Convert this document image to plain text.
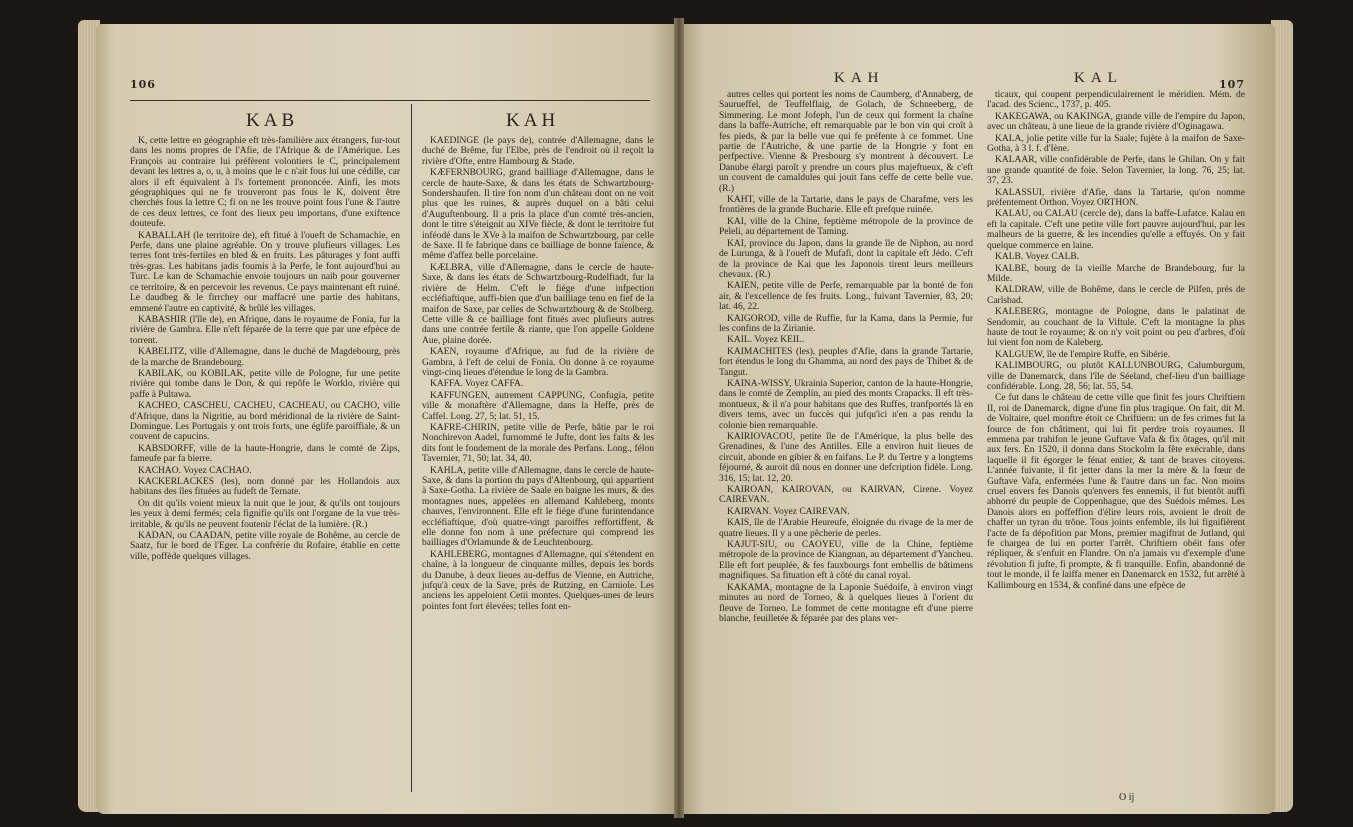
106
KAB	KAH

K, cette lettre en géographie eft très-familière aux étrangers, fur-tout dans les noms propres de l'Afie, de l'Afrique & de l'Amérique. Les François au contraire lui préfèrent volontiers le C, principalement devant les lettres a, o, u, à moins que le c n'ait fous lui une cédille, car alors il eft équivalent à l's fortement prononcée. Ainfi, les mots géographiques qui ne fe trouveront pas fous le K, doivent être cherchés fous la lettre C; fi on ne les trouve point fous l'une & l'autre de ces deux lettres, ce font des lieux peu importans, d'une exiftence douteufe.

KABALLAH (le territoire de), eft fitué à l'oueft de Schamachie, en Perfe, dans une plaine agréable. On y trouve plufieurs villages. Les terres font très-fertiles en bled & en fruits. Les pâturages y font auffi très-gras. Les habitans jadis foumis à la Perfe, le font aujourd'hui au Turc. Le kan de Schamachie envoie toujours un naib pour gouverner ce territoire, & en percevoir les revenus. Ce pays maintenant eft ruiné. Le daudbeg & le firrchey our maffacré une partie des habitans, emmené l'autre en captivité, & brûlé les villages.

KABASHIR (l'île de), en Afrique, dans le royaume de Fonia, fur la rivière de Gambra. Elle n'eft féparée de la terre que par une efpèce de torrent.

KABELITZ, ville d'Allemagne, dans le duché de Magdebourg, près de la marche de Brandebourg.

KABILAK, ou KOBILAK, petite ville de Pologne, fur une petite rivière qui tombe dans le Don, & qui repôfe le Worklo, rivière qui paffe à Pultawa.

KACHEO, CASCHEU, CACHEU, CACHEAU, ou CACHO, ville d'Afrique, dans la Nigritie, au bord méridional de la rivière de Saint-Domingue. Les Portugais y ont trois forts, une églife paroiffiale, & un couvent de capucins.

KABSDORFF, ville de la haute-Hongrie, dans le comté de Zips, fameufe par fa bierre.

KACHAO. Voyez CACHAO.

KACKERLACKES (les), nom donné par les Hollandois aux habitans des îles fituées au fudeft de Ternate.

On dit qu'ils voient mieux la nuit que le jour, & qu'ils ont toujours les yeux à demi fermés; cela fignifie qu'ils ont l'organe de la vue très-irritable, & qu'ils ne peuvent foutenir l'éclat de la lumière. (R.)

KADAN, ou CAADAN, petite ville royale de Bohême, au cercle de Saatz, fur le bord de l'Eger. La confrérie du Rofaire, établie en cette ville, poffède quelques villages.

KAEDINGE (le pays de), contrée d'Allemagne, dans le duché de Brême, fur l'Elbe, près de l'endroit où il reçoit la rivière d'Ofte, entre Hambourg & Stade.

KÆFERNBOURG, grand bailliage d'Allemagne, dans le cercle de haute-Saxe, & dans les états de Schwartzbourg-Sondershaufen. Il tire fon nom d'un château dont on ne voit plus que les ruines, & auprès duquel on a bâti celui d'Auguftenbourg. Il a pris la place d'un comté très-ancien, dont le titre s'éteignit au XIVe fiècle, & dont le territoire fut inféodé dans le XVe à la maifon de Schwartzbourg, par celle de Saxe. Il fe fabrique dans ce bailliage de bonne faïence, & même d'affez belle porcelaine.

KÆLBRA, ville d'Allemagne, dans le cercle de haute-Saxe, & dans les états de Schwartzbourg-Rudelftadt, fur la rivière de Helm. C'eft le fiége d'une infpection eccléfiaftique, auffi-bien que d'un bailliage tenu en fief de la maifon de Saxe, par celles de Schwartzbourg & de Stolberg. Cette ville & ce bailliage font fitués avec plufieurs autres dans une contrée fertile & riante, que l'on appelle Goldene Aue, plaine dorée.

KAEN, royaume d'Afrique, au fud de la rivière de Gambra, à l'eft de celui de Fonia. On donne à ce royaume vingt-cinq lieues d'étendue le long de la Gambra.

KAFFA. Voyez CAFFA.

KAFFUNGEN, autrement CAPPUNG, Confugia, petite ville & monaftère d'Allemagne, dans la Heffe, près de Caffel. Long. 27, 5; lat. 51, 15.

KAFRE-CHIRIN, petite ville de Perfe, bâtie par le roi Nonchirevon Aadel, furnommé le Jufte, dont les faits & les dits font le fondement de la morale des Perfans. Long., félon Tavernier, 71, 50; lat. 34, 40.

KAHLA, petite ville d'Allemagne, dans le cercle de haute-Saxe, & dans la portion du pays d'Altenbourg, qui appartient à Saxe-Gotha. La rivière de Saale en baigne les murs, & des montagnes nues, appelées en allemand Kahleberg, monts chauves, l'environnent. Elle eft le fiége d'une furintendance eccléfiaftique, d'où quatre-vingt paroiffes reffortiffent, & elle donne fon nom à une préfecture qui comprend les bailliages d'Orlamunde & de Leuchtenbourg.

KAHLEBERG, montagnes d'Allemagne, qui s'étendent en chaîne, à la longueur de cinquante milles, depuis les bords du Danube, à deux lieues au-deffus de Vienne, en Autriche, jufqu'à ceux de la Save, près de Rutzing, en Carniole. Les anciens les appeloient Cetii montes. Quelques-unes de leurs pointes font fort élevées; telles font en-

KAH	KAL	107

autres celles qui portent les noms de Caumberg, d'Annaberg, de Saurueffel, de Teuffelflaig, de Golach, de Schneeberg, de Simmering. Le mont Jofeph, l'un de ceux qui forment la chaîne dans la baffe-Autriche, eft remarquable par le bon vin qui croît à fes pieds, & par la belle vue qui fe préfente à ce fommet. Une partie de l'Autriche, & une partie de la Hongrie y font en perfpective. Vienne & Presbourg s'y montrent à découvert. Le Danube élargi paroît y prendre un cours plus majeftueux, & c'eft un couvent de camaldules qui jouit fans ceffe de cette belle vue. (R.)

KAHT, ville de la Tartarie, dans le pays de Charafme, vers les frontières de la grande Bucharie. Elle eft prefque ruinée.

KAI, ville de la Chine, feptième métropole de la province de Peleli, au département de Taming.

KAI, province du Japon, dans la grande île de Niphon, au nord de Lurunga, & à l'oueft de Mufafi, dont la capitale eft Jédo. C'eft de la province de Kai que les Japonois tirent leurs meilleurs chevaux. (R.)

KAIEN, petite ville de Perfe, remarquable par la bonté de fon air, & l'excellence de fes fruits. Long., fuivant Tavernier, 83, 20; lat. 46, 22.

KAIGOROD, ville de Ruffie, fur la Kama, dans la Permie, fur les confins de la Zirianie.

KAIL. Voyez KEIL.

KAIMACHITES (les), peuples d'Afie, dans la grande Tartarie, fort étendus le long du Ghamma, au nord des pays de Thibet & de Tangut.

KAINA-WISSY, Ukrainia Superior, canton de la haute-Hongrie, dans le comté de Zemplin, au pied des monts Crapacks. Il eft très-montueux, & il n'a pour habitans que des Ruffes, tranfportés là en divers tems, avec un fuccès qui jufqu'ici n'en a pas rendu la colonie bien remarquable.

KAIRIOVACOU, petite île de l'Amérique, la plus belle des Grenadines, & l'une des Antilles. Elle a environ huit lieues de circuit, abonde en gibier & en faifans. Le P. du Tertre y a longtems féjourné, & auroit dû nous en donner une defcription fidèle. Long. 316, 15; lat. 12, 20.

KAIROAN, KAIROVAN, ou KAIRVAN, Cirene. Voyez CAIREVAN.

KAIRVAN. Voyez CAIREVAN.

KAIS, île de l'Arabie Heureufe, éloignée du rivage de la mer de quatre lieues. Il y a une pêcherie de perles.

KAJUT-SIU, ou CAOYEU, ville de la Chine, feptième métropole de la province de Kiangnan, au département d'Yancheu. Elle eft fort peuplée, & fes fauxbourgs font embellis de bâtimens magnifiques. Sa fituation eft à côté du canal royal.

KAKAMA, montagne de la Laponie Suédoife, à environ vingt minutes au nord de Torneo, & à quelques lieues à l'orient du fleuve de Torneo. Le fommet de cette montagne eft d'une pierre blanche, feuilletée & féparée par des plans ver-

ticaux, qui coupent perpendiculairement le méridien. Mém. de l'acad. des Scienc., 1737, p. 405.

KAKEGAWA, ou KAKINGA, grande ville de l'empire du Japon, avec un château, à une lieue de la grande rivière d'Oginagawa.

KALA, jolie petite ville fur la Saale; fujète à la maifon de Saxe-Gotha, à 3 l. f. d'Iène.

KALAAR, ville confidérable de Perfe, dans le Ghilan. On y fait une grande quantité de foie. Selon Tavernier, la long. 76, 25; lat. 37, 23.

KALASSUI, rivière d'Afie, dans la Tartarie, qu'on nomme préfentement Orthon. Voyez ORTHON.

KALAU, ou CALAU (cercle de), dans la baffe-Lufatce. Kalau en eft la capitale. C'eft une petite ville fort pauvre aujourd'hui, par les malheurs de la guerre, & les incendies qu'elle a effuyés. On y fait quelque commerce en laine.

KALB. Voyez CALB.

KALBE, bourg de la vieille Marche de Brandebourg, fur la Milde.

KALDRAW, ville de Bohême, dans le cercle de Pilfen, près de Carlsbad.

KALEBERG, montagne de Pologne, dans le palatinat de Sendomir, au couchant de la Viftule. C'eft la montagne la plus haute de tout le royaume; & on n'y voit point ou peu d'arbres, d'où lui vient fon nom de Kaleberg.

KALGUEW, île de l'empire Ruffe, en Sibérie.

KALIMBOURG, ou plutôt KALLUNBOURG, Calumburgum, ville de Danemarck, dans l'île de Séeland, chef-lieu d'un bailliage confidérable. Long. 28, 56; lat. 55, 54.

Ce fut dans le château de cette ville que finit fes jours Chriftiern II, roi de Danemarck, digne d'une fin plus tragique. On fait, dit M. de Voltaire, quel monftre étoit ce Chriftiern: un de fes crimes fut la fource de fon châtiment, qui lui fit perdre trois royaumes. Il emmena par trahifon le jeune Guftave Vafa & fix ôtages, qu'il mit aux fers. En 1520, il donna dans Stockolm la fête exécrable, dans laquelle il fit égorger le fénat entier, & tant de braves citoyens. L'année fuivante, il fit jetter dans la mer la mère & la fœur de Guftave Vafa, enfermées l'une & l'autre dans un fac. Non moins cruel envers fes Danois qu'envers fes ennemis, il fut bientôt auffi abhorré du peuple de Coppenhague, que des Suédois mêmes. Les Danois alors en poffeffion d'élire leurs rois, avoient le droit de chaffer un tyran du trône. Tous joints enfemble, ils lui fignifièrent l'acte de fa dépofition par Mons, premier magiftrat de Jutland, qui fe chargea de lui en porter l'arrêt. Chriftiern obéit fans ofer répliquer, & s'enfuit en Flandre. On n'a jamais vu d'exemple d'une révolution fi jufte, fi prompte, & fi tranquille. Enfin, abandonné de tout le monde, il fe laiffa mener en Danemarck en 1532, fut arrêté à Kallimbourg en 1534, & confiné dans une efpèce de

O ij
